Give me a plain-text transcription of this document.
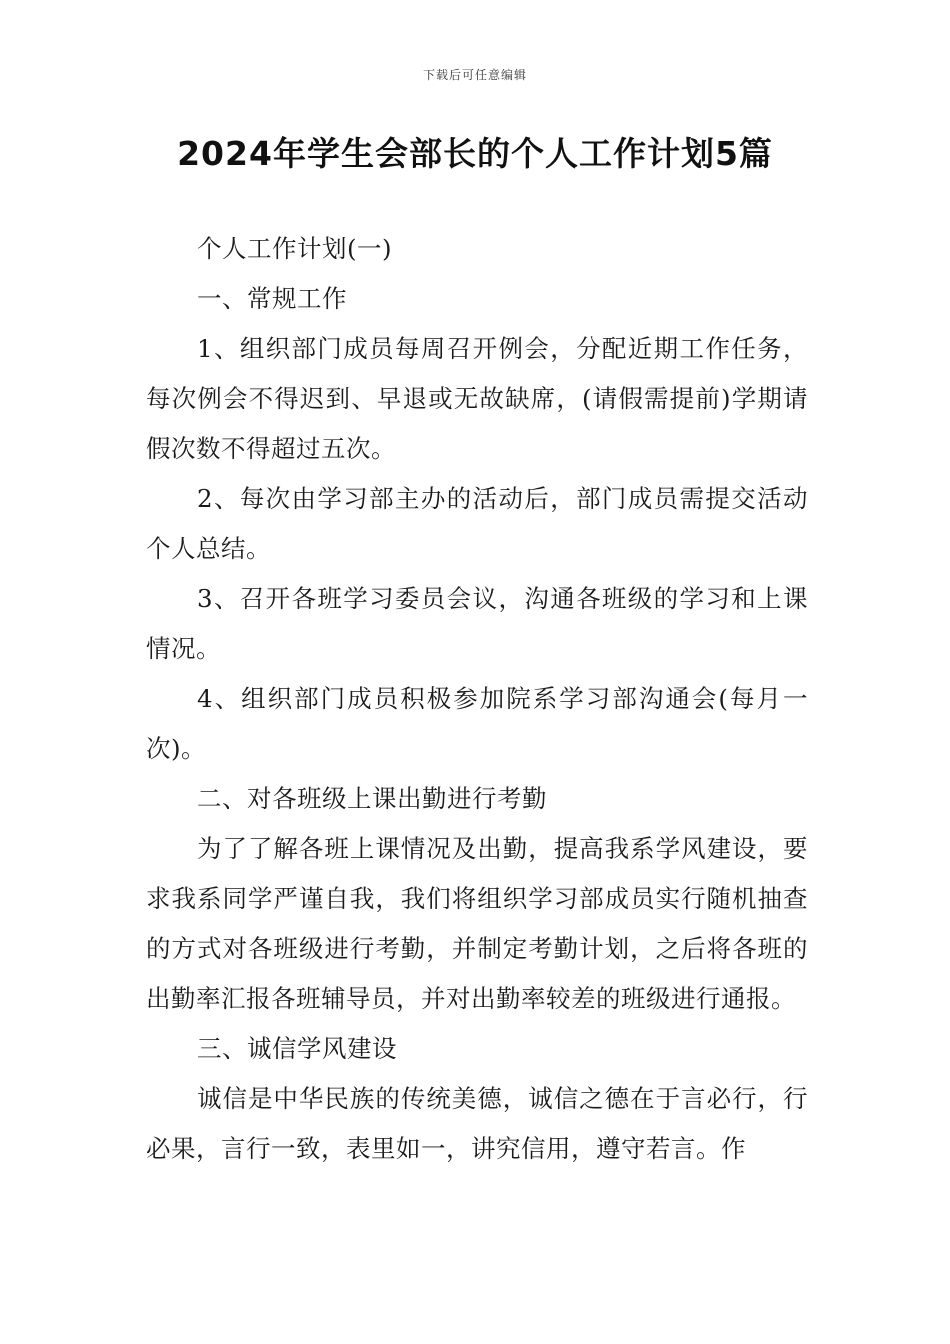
下载后可任意编辑
2024年学生会部长的个人工作计划5篇

个人工作计划(一)

一、常规工作

1、组织部门成员每周召开例会，分配近期工作任务，每次例会不得迟到、早退或无故缺席，(请假需提前)学期请假次数不得超过五次。

2、每次由学习部主办的活动后，部门成员需提交活动个人总结。

3、召开各班学习委员会议，沟通各班级的学习和上课情况。

4、组织部门成员积极参加院系学习部沟通会(每月一次)。

二、对各班级上课出勤进行考勤

为了了解各班上课情况及出勤，提高我系学风建设，要求我系同学严谨自我，我们将组织学习部成员实行随机抽查的方式对各班级进行考勤，并制定考勤计划，之后将各班的出勤率汇报各班辅导员，并对出勤率较差的班级进行通报。

三、诚信学风建设

诚信是中华民族的传统美德，诚信之德在于言必行，行必果，言行一致，表里如一，讲究信用，遵守若言。作
